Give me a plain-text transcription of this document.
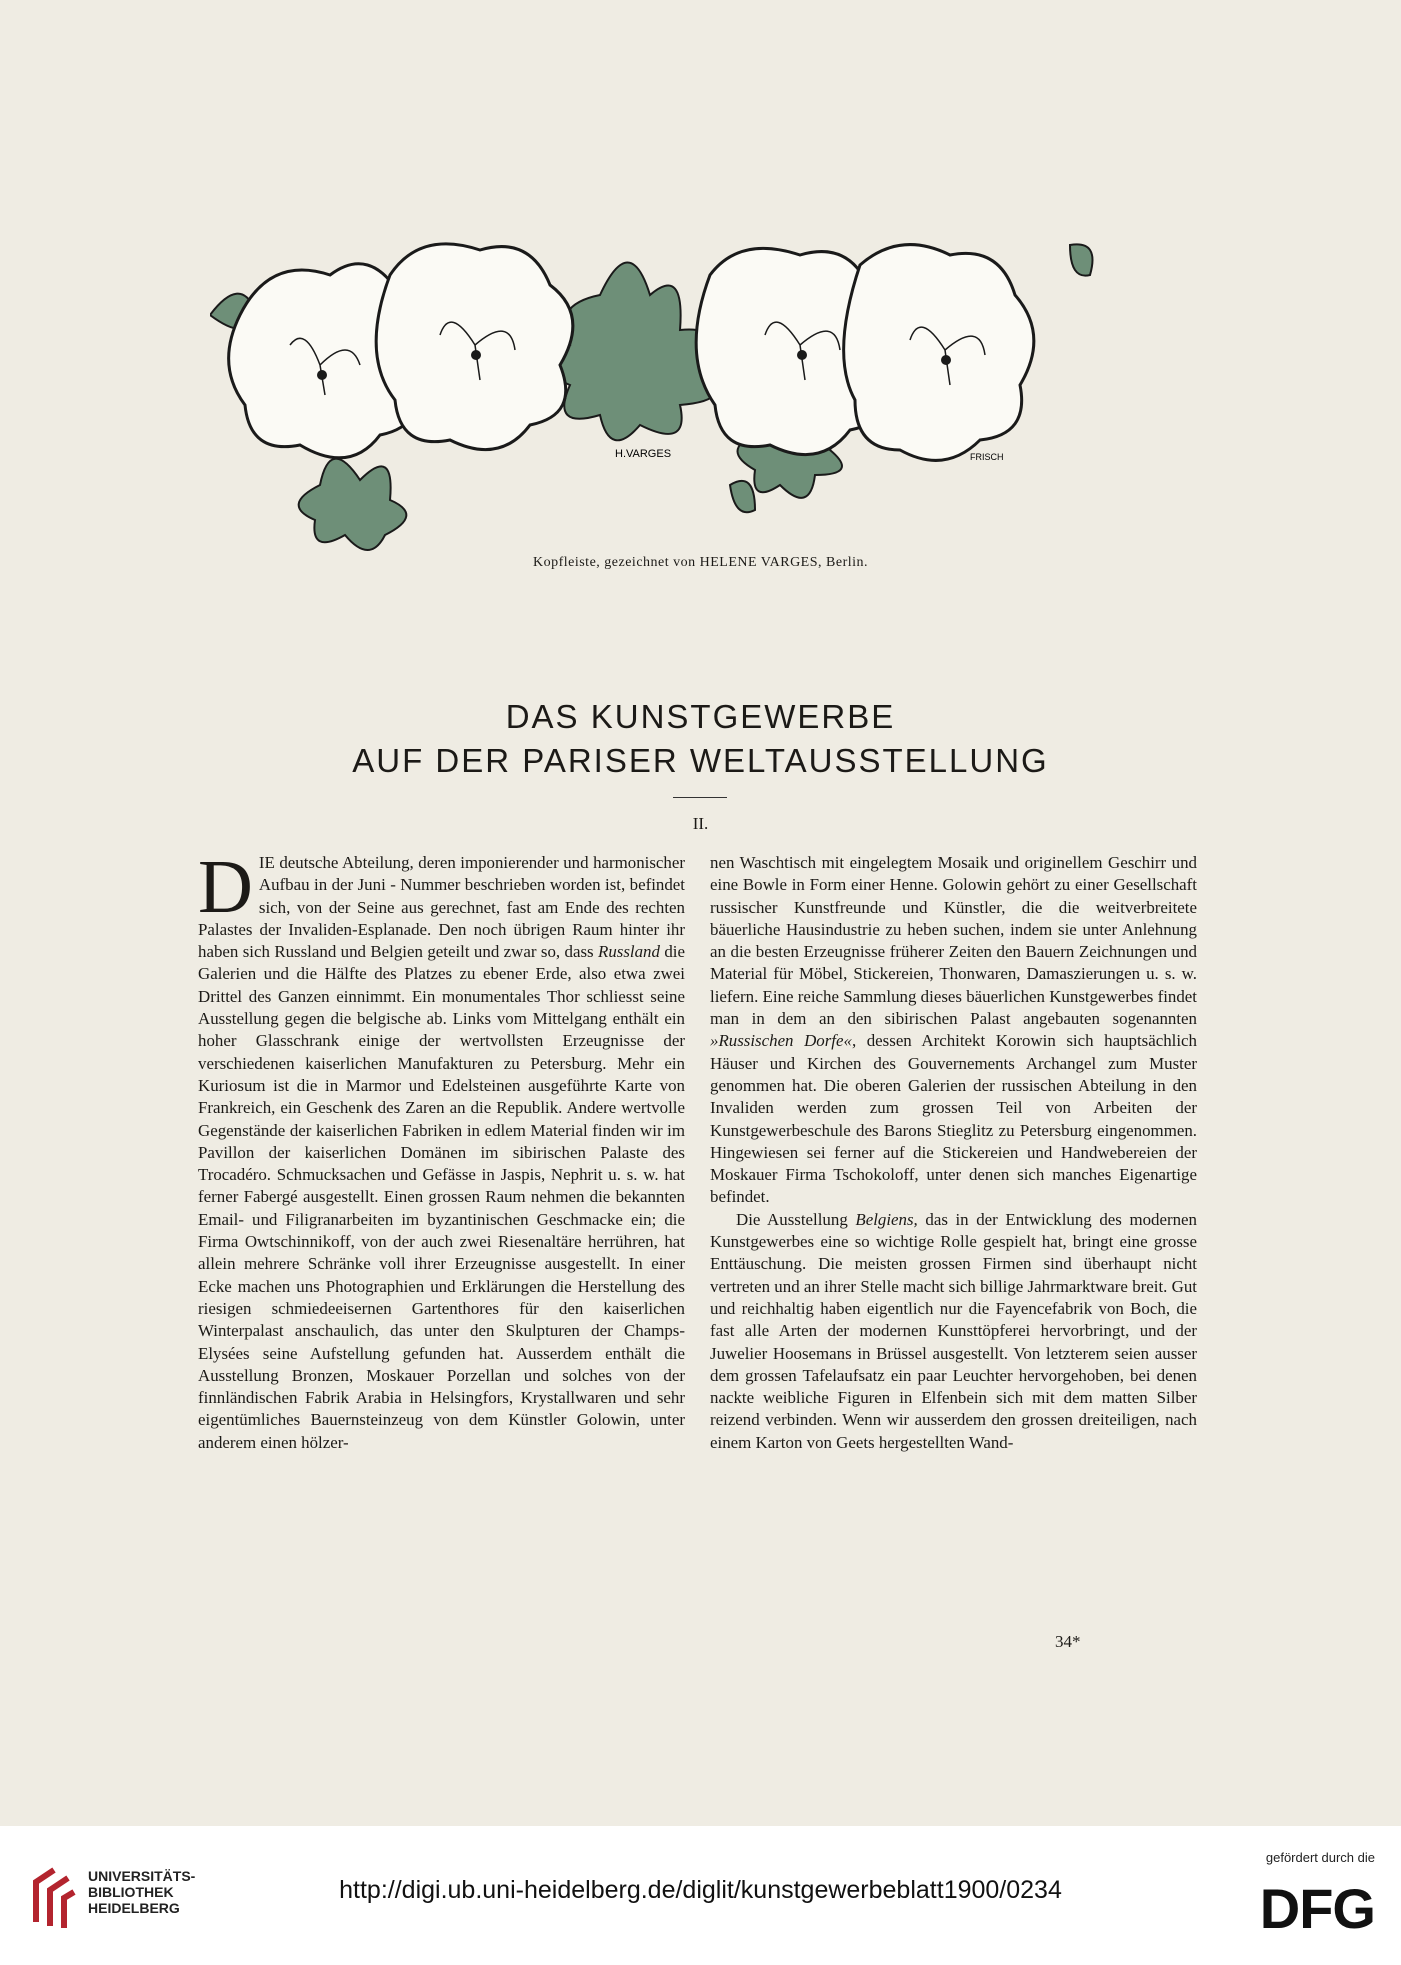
H.VARGES	FRISCH
Kopfleiste, gezeichnet von HELENE VARGES, Berlin.
DAS KUNSTGEWERBE
AUF DER PARISER WELTAUSSTELLUNG
II.

DIE deutsche Abteilung, deren imponierender und harmonischer Aufbau in der Juni - Nummer beschrieben worden ist, befindet sich, von der Seine aus gerechnet, fast am Ende des rechten Palastes der Invaliden-Esplanade. Den noch übrigen Raum hinter ihr haben sich Russland und Belgien geteilt und zwar so, dass Russland die Galerien und die Hälfte des Platzes zu ebener Erde, also etwa zwei Drittel des Ganzen einnimmt. Ein monumentales Thor schliesst seine Ausstellung gegen die belgische ab. Links vom Mittelgang enthält ein hoher Glasschrank einige der wertvollsten Erzeugnisse der verschiedenen kaiserlichen Manufakturen zu Petersburg. Mehr ein Kuriosum ist die in Marmor und Edelsteinen ausgeführte Karte von Frankreich, ein Geschenk des Zaren an die Republik. Andere wertvolle Gegenstände der kaiserlichen Fabriken in edlem Material finden wir im Pavillon der kaiserlichen Domänen im sibirischen Palaste des Trocadéro. Schmucksachen und Gefässe in Jaspis, Nephrit u. s. w. hat ferner Fabergé ausgestellt. Einen grossen Raum nehmen die bekannten Email- und Filigranarbeiten im byzantinischen Geschmacke ein; die Firma Owtschinnikoff, von der auch zwei Riesenaltäre herrühren, hat allein mehrere Schränke voll ihrer Erzeugnisse ausgestellt. In einer Ecke machen uns Photographien und Erklärungen die Herstellung des riesigen schmiedeeisernen Gartenthores für den kaiserlichen Winterpalast anschaulich, das unter den Skulpturen der Champs-Elysées seine Aufstellung gefunden hat. Ausserdem enthält die Ausstellung Bronzen, Moskauer Porzellan und solches von der finnländischen Fabrik Arabia in Helsingfors, Krystallwaren und sehr eigentümliches Bauernsteinzeug von dem Künstler Golowin, unter anderem einen hölzer-

nen Waschtisch mit eingelegtem Mosaik und originellem Geschirr und eine Bowle in Form einer Henne. Golowin gehört zu einer Gesellschaft russischer Kunstfreunde und Künstler, die die weitverbreitete bäuerliche Hausindustrie zu heben suchen, indem sie unter Anlehnung an die besten Erzeugnisse früherer Zeiten den Bauern Zeichnungen und Material für Möbel, Stickereien, Thonwaren, Damaszierungen u. s. w. liefern. Eine reiche Sammlung dieses bäuerlichen Kunstgewerbes findet man in dem an den sibirischen Palast angebauten sogenannten »Russischen Dorfe«, dessen Architekt Korowin sich hauptsächlich Häuser und Kirchen des Gouvernements Archangel zum Muster genommen hat. Die oberen Galerien der russischen Abteilung in den Invaliden werden zum grossen Teil von Arbeiten der Kunstgewerbeschule des Barons Stieglitz zu Petersburg eingenommen. Hingewiesen sei ferner auf die Stickereien und Handwebereien der Moskauer Firma Tschokoloff, unter denen sich manches Eigenartige befindet.

Die Ausstellung Belgiens, das in der Entwicklung des modernen Kunstgewerbes eine so wichtige Rolle gespielt hat, bringt eine grosse Enttäuschung. Die meisten grossen Firmen sind überhaupt nicht vertreten und an ihrer Stelle macht sich billige Jahrmarktware breit. Gut und reichhaltig haben eigentlich nur die Fayencefabrik von Boch, die fast alle Arten der modernen Kunsttöpferei hervorbringt, und der Juwelier Hoosemans in Brüssel ausgestellt. Von letzterem seien ausser dem grossen Tafelaufsatz ein paar Leuchter hervorgehoben, bei denen nackte weibliche Figuren in Elfenbein sich mit dem matten Silber reizend verbinden. Wenn wir ausserdem den grossen dreiteiligen, nach einem Karton von Geets hergestellten Wand-

34*
UNIVERSITÄTS-
BIBLIOTHEK
HEIDELBERG
http://digi.ub.uni-heidelberg.de/diglit/kunstgewerbeblatt1900/0234
gefördert durch die
DFG
